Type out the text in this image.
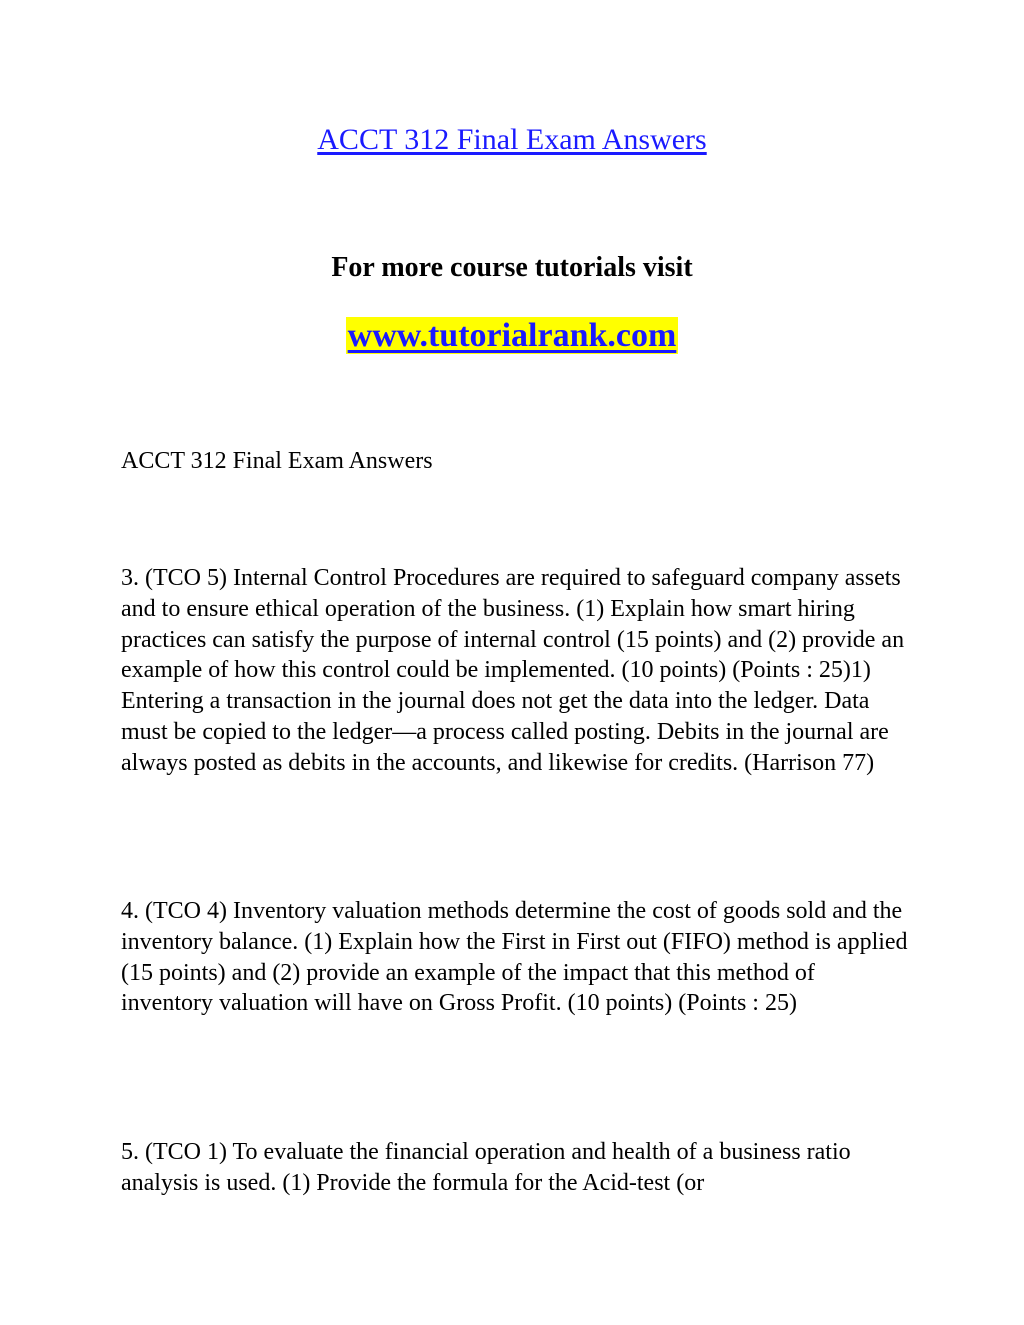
ACCT 312 Final Exam Answers
For more course tutorials visit
www.tutorialrank.com
ACCT 312 Final Exam Answers

3. (TCO 5) Internal Control Procedures are required to safeguard company assets and to ensure ethical operation of the business. (1) Explain how smart hiring practices can satisfy the purpose of internal control (15 points) and (2) provide an example of how this control could be implemented. (10 points) (Points : 25)1) Entering a transaction in the journal does not get the data into the ledger. Data must be copied to the ledger—a process called posting. Debits in the journal are always posted as debits in the accounts, and likewise for credits. (Harrison 77)

4. (TCO 4) Inventory valuation methods determine the cost of goods sold and the inventory balance. (1) Explain how the First in First out (FIFO) method is applied (15 points) and (2) provide an example of the impact that this method of inventory valuation will have on Gross Profit. (10 points) (Points : 25)

5. (TCO 1) To evaluate the financial operation and health of a business ratio analysis is used. (1) Provide the formula for the Acid-test (or
